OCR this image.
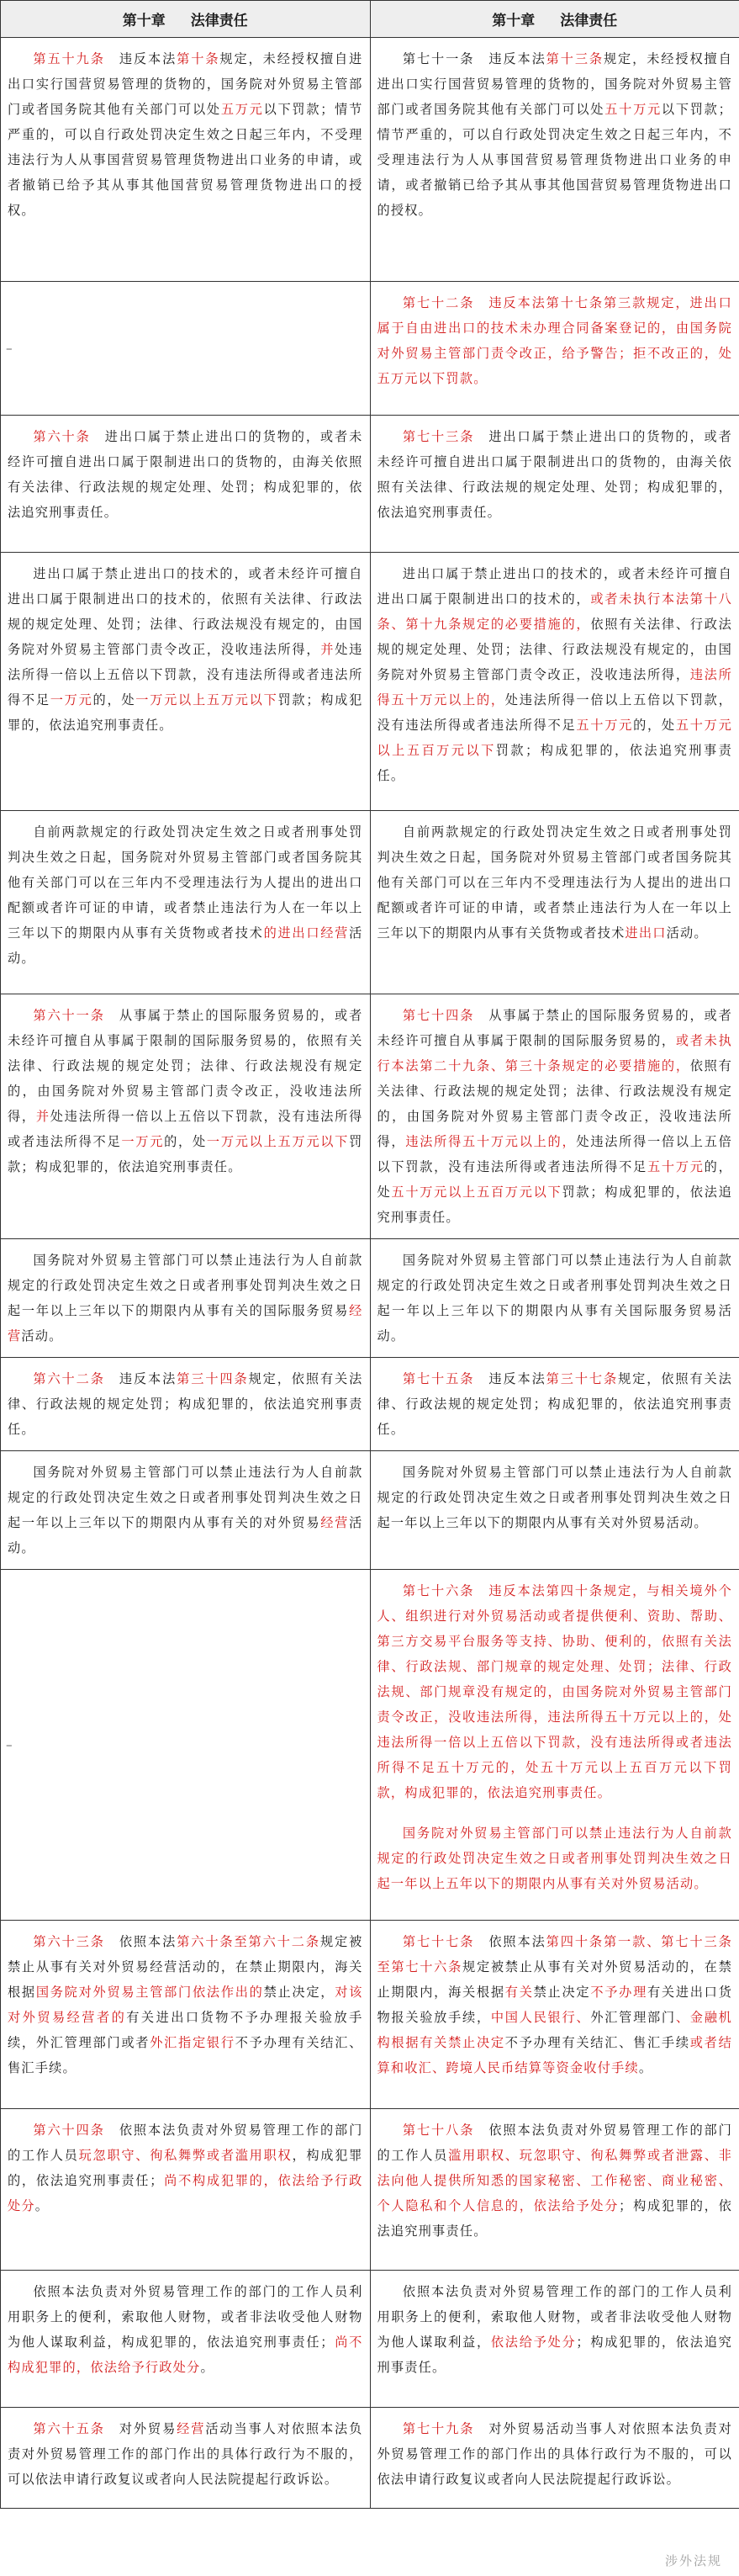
第十章 法律责任	第十章 法律责任

第五十九条　违反本法第十条规定，未经授权擅自进出口实行国营贸易管理的货物的，国务院对外贸易主管部门或者国务院其他有关部门可以处五万元以下罚款；情节严重的，可以自行政处罚决定生效之日起三年内，不受理违法行为人从事国营贸易管理货物进出口业务的申请，或者撤销已给予其从事其他国营贸易管理货物进出口的授权。	第七十一条　违反本法第十三条规定，未经授权擅自进出口实行国营贸易管理的货物的，国务院对外贸易主管部门或者国务院其他有关部门可以处五十万元以下罚款；情节严重的，可以自行政处罚决定生效之日起三年内，不受理违法行为人从事国营贸易管理货物进出口业务的申请，或者撤销已给予其从事其他国营贸易管理货物进出口的授权。

–	第七十二条　违反本法第十七条第三款规定，进出口属于自由进出口的技术未办理合同备案登记的，由国务院对外贸易主管部门责令改正，给予警告；拒不改正的，处五万元以下罚款。

第六十条　进出口属于禁止进出口的货物的，或者未经许可擅自进出口属于限制进出口的货物的，由海关依照有关法律、行政法规的规定处理、处罚；构成犯罪的，依法追究刑事责任。	第七十三条　进出口属于禁止进出口的货物的，或者未经许可擅自进出口属于限制进出口的货物的，由海关依照有关法律、行政法规的规定处理、处罚；构成犯罪的，依法追究刑事责任。

进出口属于禁止进出口的技术的，或者未经许可擅自进出口属于限制进出口的技术的，依照有关法律、行政法规的规定处理、处罚；法律、行政法规没有规定的，由国务院对外贸易主管部门责令改正，没收违法所得，并处违法所得一倍以上五倍以下罚款，没有违法所得或者违法所得不足一万元的，处一万元以上五万元以下罚款；构成犯罪的，依法追究刑事责任。	进出口属于禁止进出口的技术的，或者未经许可擅自进出口属于限制进出口的技术的，或者未执行本法第十八条、第十九条规定的必要措施的，依照有关法律、行政法规的规定处理、处罚；法律、行政法规没有规定的，由国务院对外贸易主管部门责令改正，没收违法所得，违法所得五十万元以上的，处违法所得一倍以上五倍以下罚款，没有违法所得或者违法所得不足五十万元的，处五十万元以上五百万元以下罚款；构成犯罪的，依法追究刑事责任。

自前两款规定的行政处罚决定生效之日或者刑事处罚判决生效之日起，国务院对外贸易主管部门或者国务院其他有关部门可以在三年内不受理违法行为人提出的进出口配额或者许可证的申请，或者禁止违法行为人在一年以上三年以下的期限内从事有关货物或者技术的进出口经营活动。	自前两款规定的行政处罚决定生效之日或者刑事处罚判决生效之日起，国务院对外贸易主管部门或者国务院其他有关部门可以在三年内不受理违法行为人提出的进出口配额或者许可证的申请，或者禁止违法行为人在一年以上三年以下的期限内从事有关货物或者技术进出口活动。

第六十一条　从事属于禁止的国际服务贸易的，或者未经许可擅自从事属于限制的国际服务贸易的，依照有关法律、行政法规的规定处罚；法律、行政法规没有规定的，由国务院对外贸易主管部门责令改正，没收违法所得，并处违法所得一倍以上五倍以下罚款，没有违法所得或者违法所得不足一万元的，处一万元以上五万元以下罚款；构成犯罪的，依法追究刑事责任。	第七十四条　从事属于禁止的国际服务贸易的，或者未经许可擅自从事属于限制的国际服务贸易的，或者未执行本法第二十九条、第三十条规定的必要措施的，依照有关法律、行政法规的规定处罚；法律、行政法规没有规定的，由国务院对外贸易主管部门责令改正，没收违法所得，违法所得五十万元以上的，处违法所得一倍以上五倍以下罚款，没有违法所得或者违法所得不足五十万元的，处五十万元以上五百万元以下罚款；构成犯罪的，依法追究刑事责任。

国务院对外贸易主管部门可以禁止违法行为人自前款规定的行政处罚决定生效之日或者刑事处罚判决生效之日起一年以上三年以下的期限内从事有关的国际服务贸易经营活动。	国务院对外贸易主管部门可以禁止违法行为人自前款规定的行政处罚决定生效之日或者刑事处罚判决生效之日起一年以上三年以下的期限内从事有关国际服务贸易活动。

第六十二条　违反本法第三十四条规定，依照有关法律、行政法规的规定处罚；构成犯罪的，依法追究刑事责任。	第七十五条　违反本法第三十七条规定，依照有关法律、行政法规的规定处罚；构成犯罪的，依法追究刑事责任。

国务院对外贸易主管部门可以禁止违法行为人自前款规定的行政处罚决定生效之日或者刑事处罚判决生效之日起一年以上三年以下的期限内从事有关的对外贸易经营活动。	国务院对外贸易主管部门可以禁止违法行为人自前款规定的行政处罚决定生效之日或者刑事处罚判决生效之日起一年以上三年以下的期限内从事有关对外贸易活动。

–	第七十六条　违反本法第四十条规定，与相关境外个人、组织进行对外贸易活动或者提供便利、资助、帮助、第三方交易平台服务等支持、协助、便利的，依照有关法律、行政法规、部门规章的规定处理、处罚；法律、行政法规、部门规章没有规定的，由国务院对外贸易主管部门责令改正，没收违法所得，违法所得五十万元以上的，处违法所得一倍以上五倍以下罚款，没有违法所得或者违法所得不足五十万元的，处五十万元以上五百万元以下罚款，构成犯罪的，依法追究刑事责任。

国务院对外贸易主管部门可以禁止违法行为人自前款规定的行政处罚决定生效之日或者刑事处罚判决生效之日起一年以上五年以下的期限内从事有关对外贸易活动。

第六十三条　依照本法第六十条至第六十二条规定被禁止从事有关对外贸易经营活动的，在禁止期限内，海关根据国务院对外贸易主管部门依法作出的禁止决定，对该对外贸易经营者的有关进出口货物不予办理报关验放手续，外汇管理部门或者外汇指定银行不予办理有关结汇、售汇手续。	第七十七条　依照本法第四十条第一款、第七十三条至第七十六条规定被禁止从事有关对外贸易活动的，在禁止期限内，海关根据有关禁止决定不予办理有关进出口货物报关验放手续，中国人民银行、外汇管理部门、金融机构根据有关禁止决定不予办理有关结汇、售汇手续或者结算和收汇、跨境人民币结算等资金收付手续。

第六十四条　依照本法负责对外贸易管理工作的部门的工作人员玩忽职守、徇私舞弊或者滥用职权，构成犯罪的，依法追究刑事责任；尚不构成犯罪的，依法给予行政处分。	第七十八条　依照本法负责对外贸易管理工作的部门的工作人员滥用职权、玩忽职守、徇私舞弊或者泄露、非法向他人提供所知悉的国家秘密、工作秘密、商业秘密、个人隐私和个人信息的，依法给予处分；构成犯罪的，依法追究刑事责任。

依照本法负责对外贸易管理工作的部门的工作人员利用职务上的便利，索取他人财物，或者非法收受他人财物为他人谋取利益，构成犯罪的，依法追究刑事责任；尚不构成犯罪的，依法给予行政处分。	依照本法负责对外贸易管理工作的部门的工作人员利用职务上的便利，索取他人财物，或者非法收受他人财物为他人谋取利益，依法给予处分；构成犯罪的，依法追究刑事责任。

第六十五条　对外贸易经营活动当事人对依照本法负责对外贸易管理工作的部门作出的具体行政行为不服的，可以依法申请行政复议或者向人民法院提起行政诉讼。	第七十九条　对外贸易活动当事人对依照本法负责对外贸易管理工作的部门作出的具体行政行为不服的，可以依法申请行政复议或者向人民法院提起行政诉讼。

涉外法规
